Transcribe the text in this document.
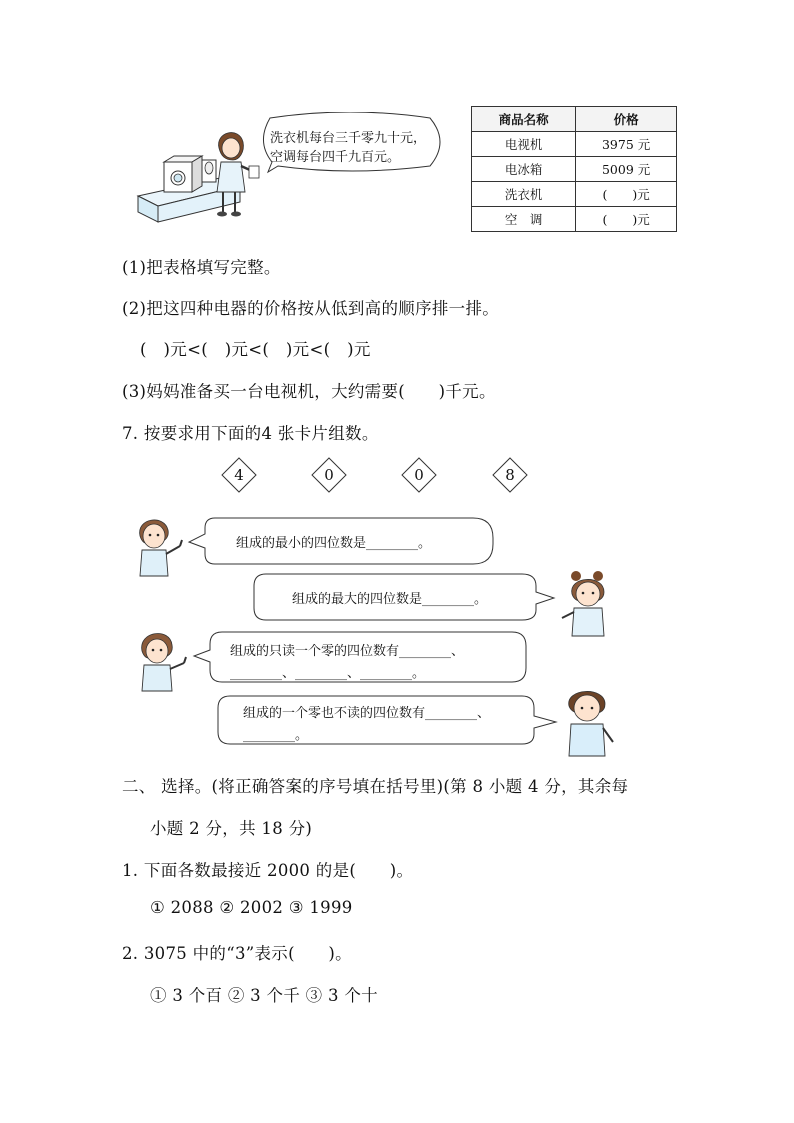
洗衣机每台三千零九十元，
空调每台四千九百元。
商品名称	价格
电视机	3975 元
电冰箱	5009 元
洗衣机	(　　)元
空　调	(　　)元
(1)把表格填写完整。
(2)把这四种电器的价格按从低到高的顺序排一排。
(　)元<(　)元<(　)元<(　)元
(3)妈妈准备买一台电视机，大约需要(　　)千元。
7. 按要求用下面的4 张卡片组数。
4	0	0	8
组成的最小的四位数是________。
组成的最大的四位数是________。
组成的只读一个零的四位数有________、
________、________、________。
组成的一个零也不读的四位数有________、
________。
二、 选择。(将正确答案的序号填在括号里)(第 8 小题 4 分，其余每
小题 2 分，共 18 分)
1. 下面各数最接近 2000 的是(　　)。
① 2088 ② 2002 ③ 1999
2. 3075 中的“3”表示(　　)。
① 3 个百 ② 3 个千 ③ 3 个十
